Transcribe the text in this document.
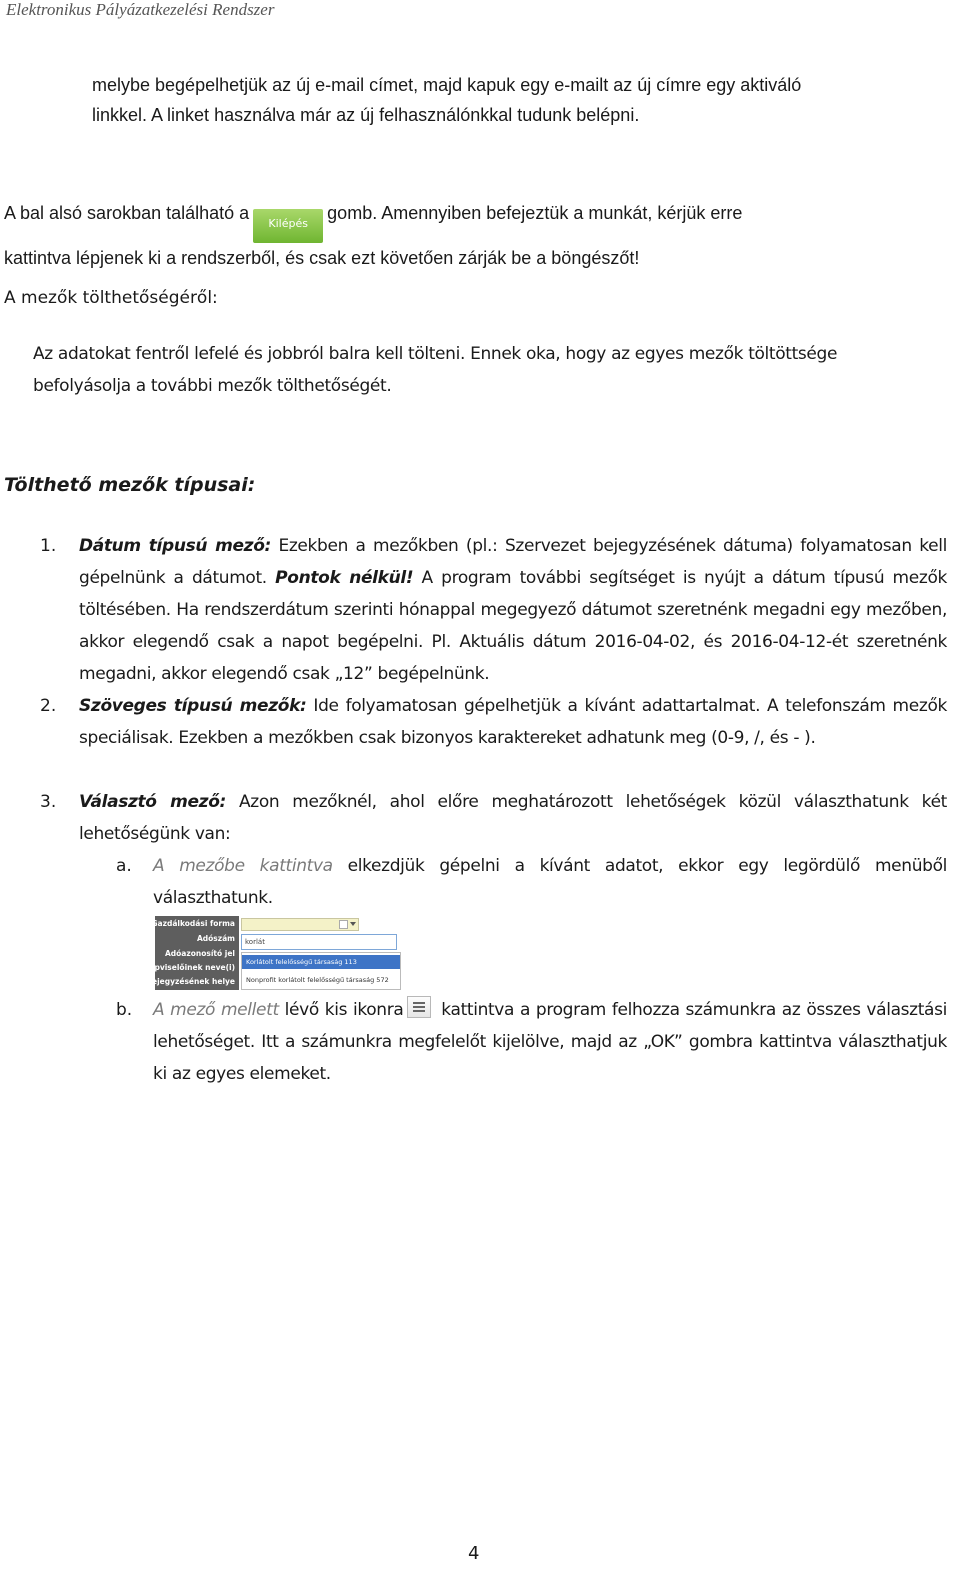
Elektronikus Pályázatkezelési Rendszer
melybe begépelhetjük az új e-mail címet, majd kapuk egy e-mailt az új címre egy aktiváló
linkkel. A linket használva már az új felhasználónkkal tudunk belépni.
A bal alsó sarokban található aKilépésgomb. Amennyiben befejeztük a munkát, kérjük erre
kattintva lépjenek ki a rendszerből, és csak ezt követően zárják be a böngészőt!
A mezők tölthetőségéről:
Az adatokat fentről lefelé és jobbról balra kell tölteni. Ennek oka, hogy az egyes mezők töltöttsége
befolyásolja a további mezők tölthetőségét.
Tölthető mezők típusai:
1. Dátum típusú mező: Ezekben a mezőkben (pl.: Szervezet bejegyzésének dátuma) folyamatosan kell gépelnünk a dátumot. Pontok nélkül! A program további segítséget is nyújt a dátum típusú mezők töltésében. Ha rendszerdátum szerinti hónappal megegyező dátumot szeretnénk megadni egy mezőben, akkor elegendő csak a napot begépelni. Pl. Aktuális dátum 2016-04-02, és 2016-04-12-ét szeretnénk megadni, akkor elegendő csak „12” begépelnünk.
2. Szöveges típusú mezők: Ide folyamatosan gépelhetjük a kívánt adattartalmat. A telefonszám mezők speciálisak. Ezekben a mezőkben csak bizonyos karaktereket adhatunk meg (0-9, /, és - ).
3. Választó mező: Azon mezőknél, ahol előre meghatározott lehetőségek közül választhatunk két lehetőségünk van:
a. A mezőbe kattintva elkezdjük gépelni a kívánt adatot, ekkor egy legördülő menüből választhatunk.
Gazdálkodási forma
Adószám
Adóazonosító jel
képviselőinek neve(i)
bejegyzésének helye
korlát
Korlátolt felelősségű társaság 113
Nonprofit korlátolt felelősségű társaság 572
b. A mező mellett lévő kis ikonra
kattintva a program felhozza számunkra az összes választási lehetőséget. Itt a számunkra megfelelőt kijelölve, majd az „OK” gombra kattintva választhatjuk ki az egyes elemeket.
4
